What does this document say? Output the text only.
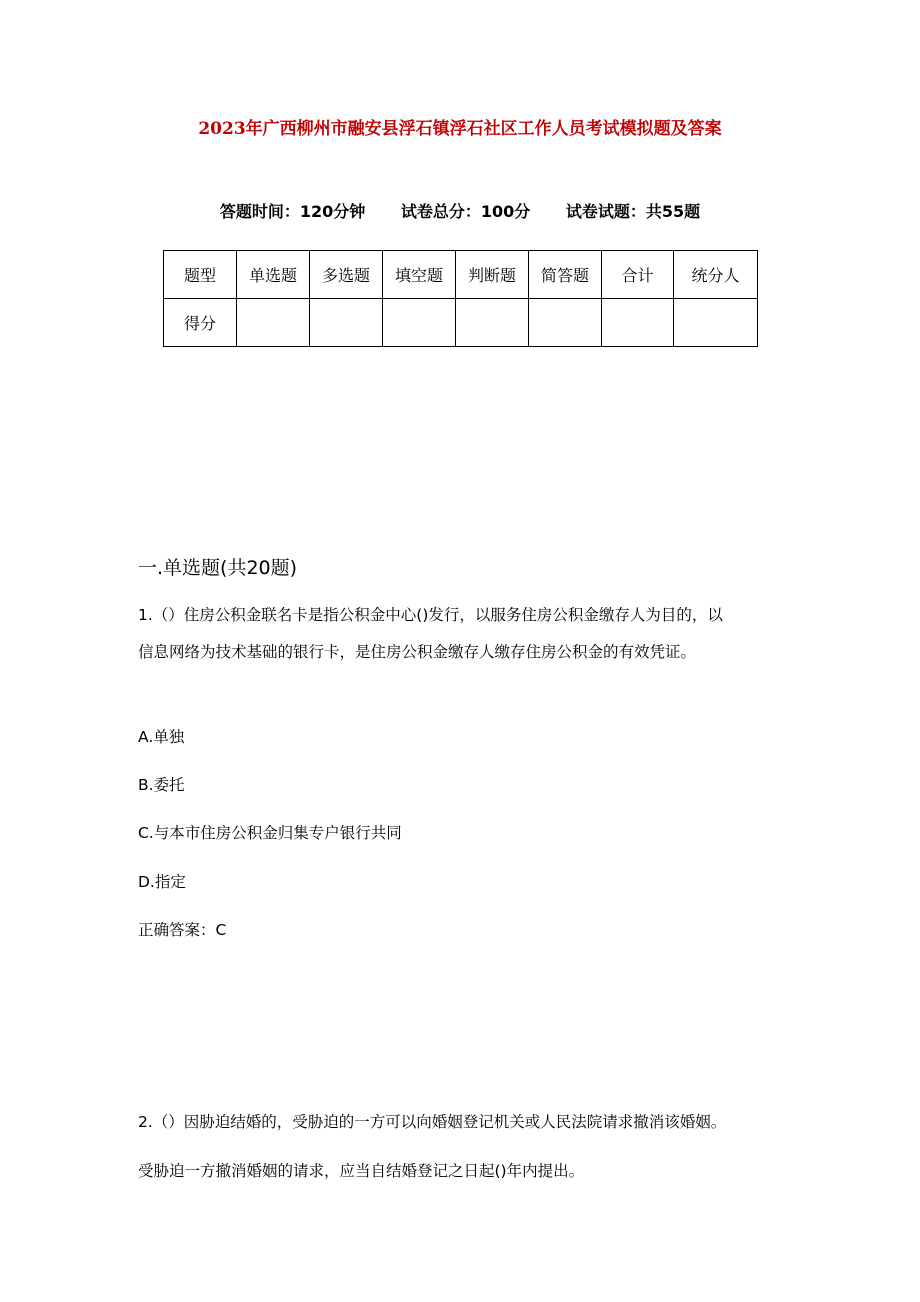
2023年广西柳州市融安县浮石镇浮石社区工作人员考试模拟题及答案
答题时间：120分钟 试卷总分：100分 试卷试题：共55题
题型	单选题	多选题	填空题	判断题	简答题	合计	统分人
得分							
一.单选题(共20题)
1.（）住房公积金联名卡是指公积金中心()发行，以服务住房公积金缴存人为目的，以
信息网络为技术基础的银行卡，是住房公积金缴存人缴存住房公积金的有效凭证。
A.单独
B.委托
C.与本市住房公积金归集专户银行共同
D.指定
正确答案：C
2.（）因胁迫结婚的，受胁迫的一方可以向婚姻登记机关或人民法院请求撤消该婚姻。
受胁迫一方撤消婚姻的请求，应当自结婚登记之日起()年内提出。
